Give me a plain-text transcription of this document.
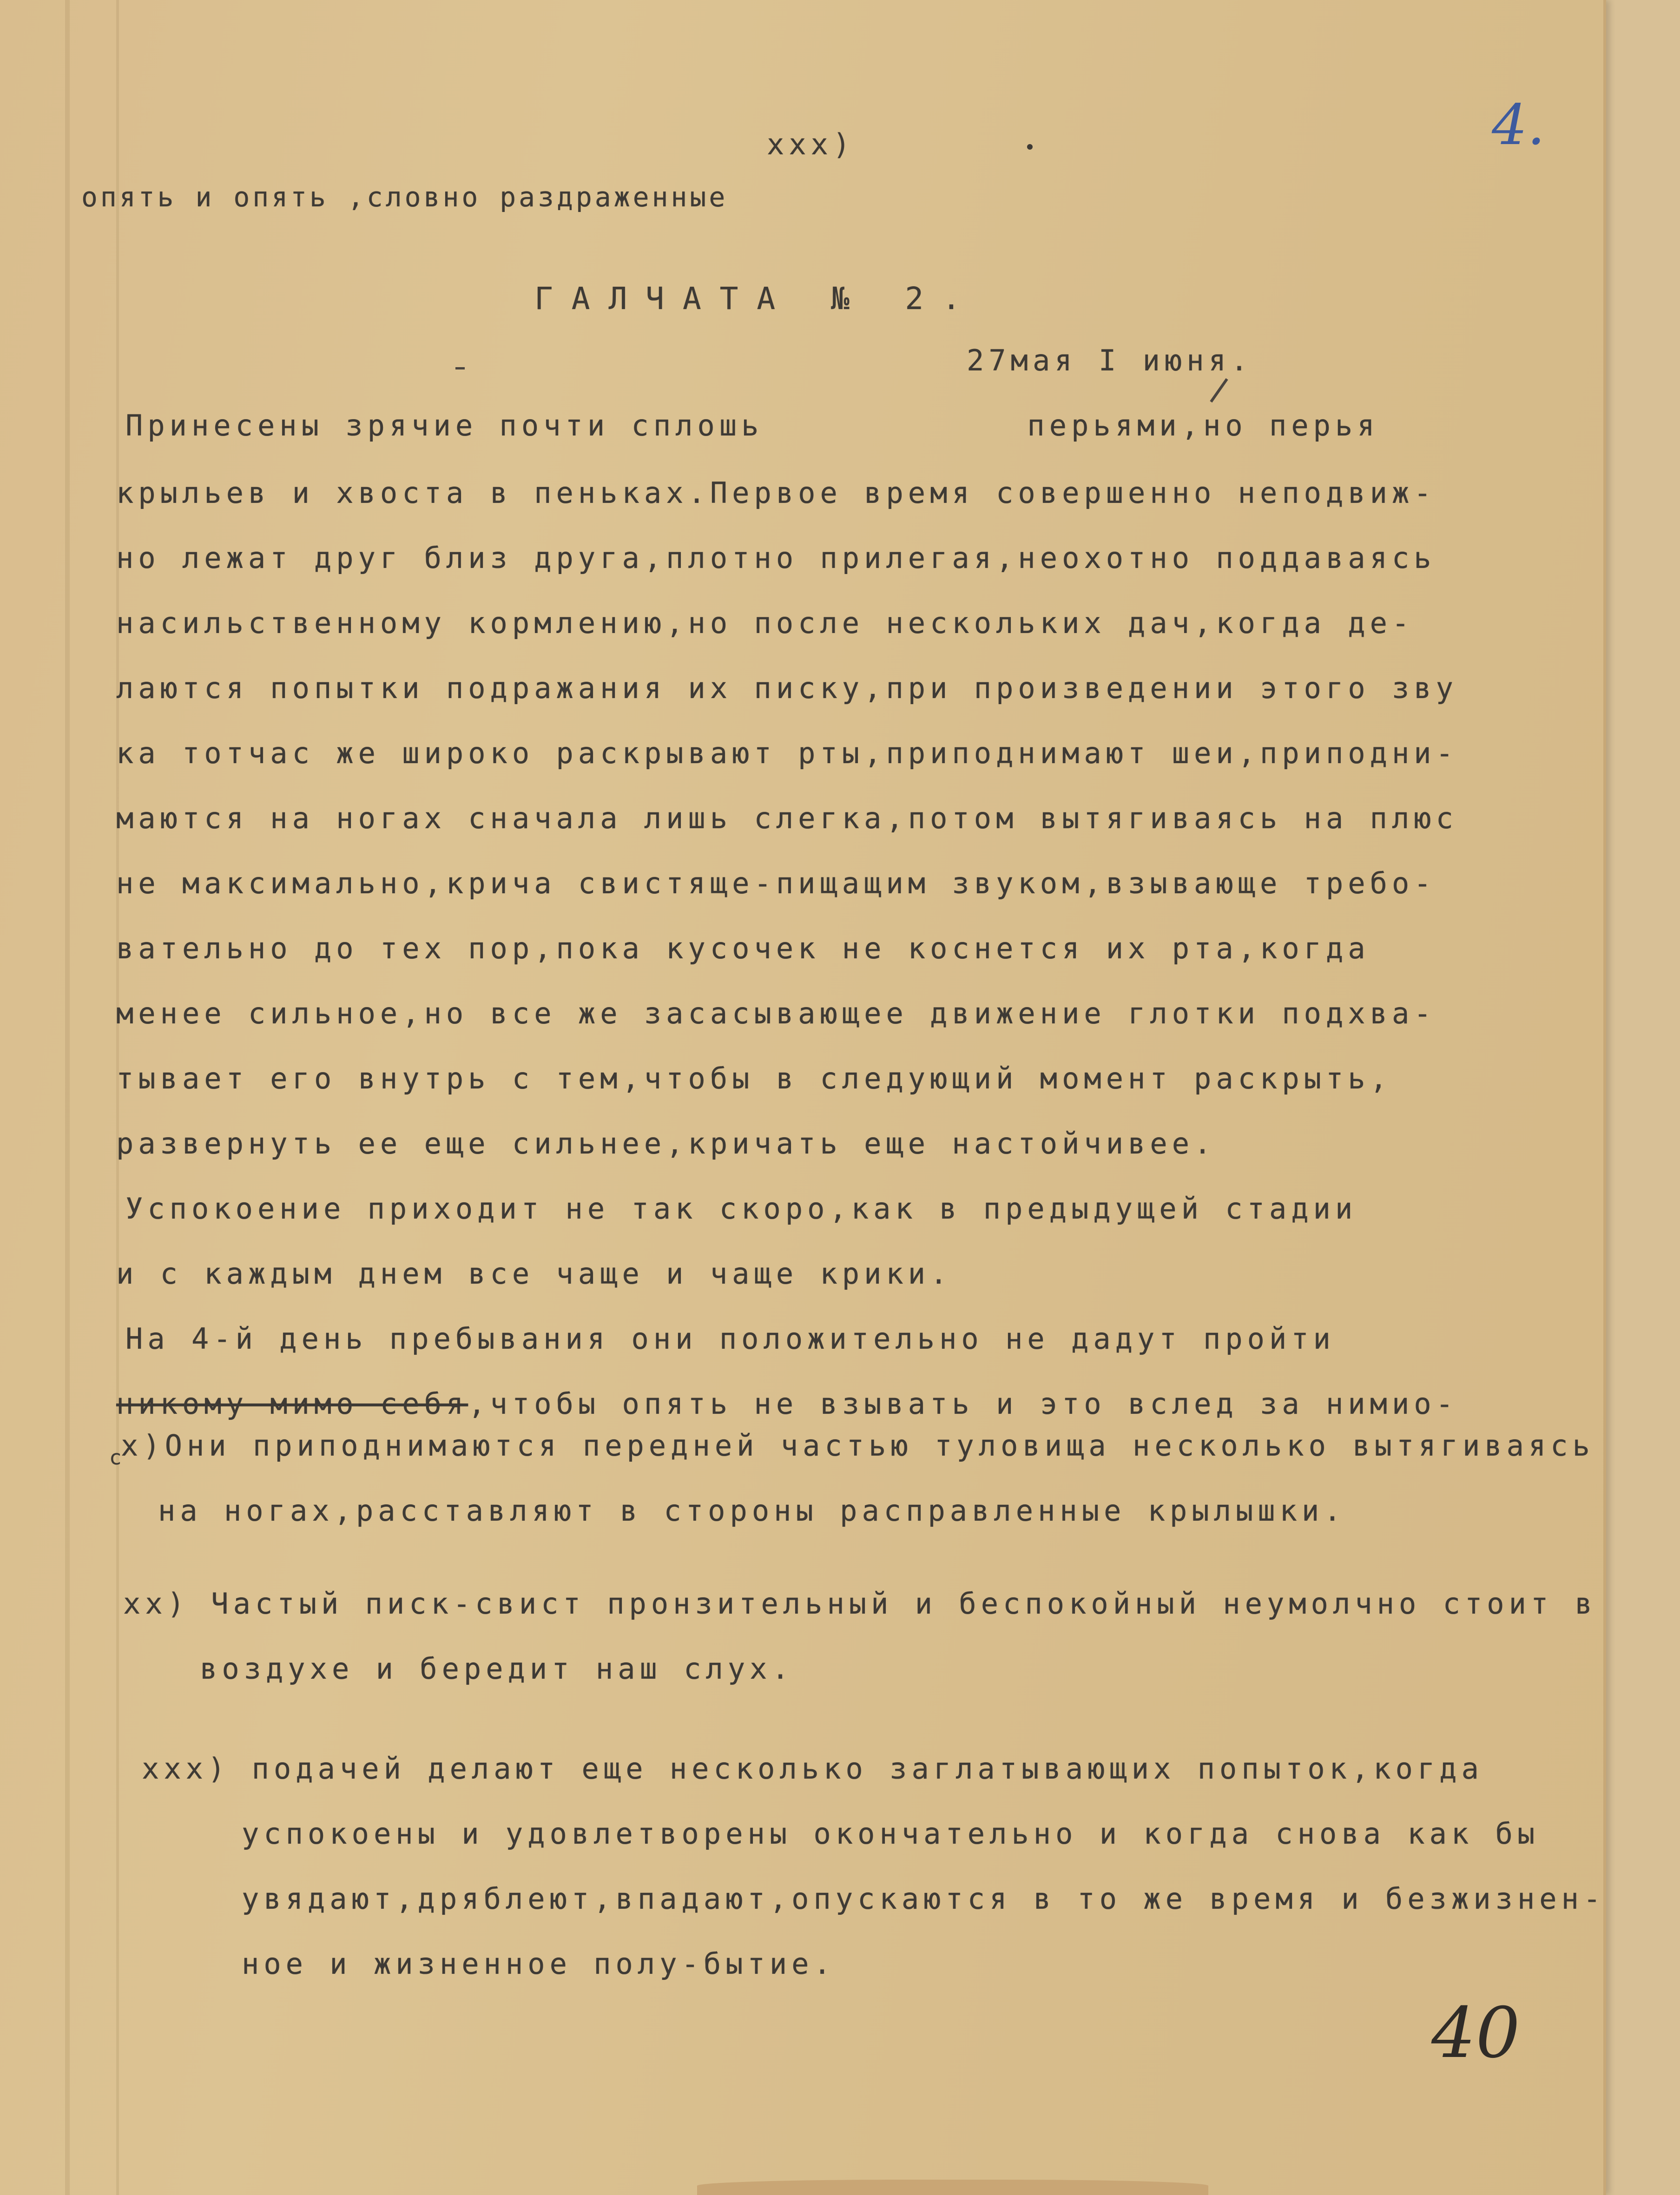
xxx)
опять и опять ,словно раздраженные
4.
ГАЛЧАТА № 2.
27мая I июня.
Принесены зрячие почти сплошь            перьями,но перья
крыльев и хвоста в пеньках.Первое время совершенно неподвиж-
но лежат друг близ друга,плотно прилегая,неохотно поддаваясь
насильственному кормлению,но после нескольких дач,когда де-
лаются попытки подражания их писку,при произведении этого зву
ка тотчас же широко раскрывают рты,приподнимают шеи,приподни-
маются на ногах сначала лишь слегка,потом вытягиваясь на плюс
не максимально,крича свистяще-пищащим звуком,взывающе требо-
вательно до тех пор,пока кусочек не коснется их рта,когда
менее сильное,но все же засасывающее движение глотки подхва-
тывает его внутрь с тем,чтобы в следующий момент раскрыть,
развернуть ее еще сильнее,кричать еще настойчивее.
Успокоение приходит не так скоро,как в предыдущей стадии
и с каждым днем все чаще и чаще крики.
На 4-й день пребывания они положительно не дадут пройти
никому мимо себя,чтобы опять не взывать и это вслед за нимио-
с
х)Они приподнимаются передней частью туловища несколько вытягиваясь
на ногах,расставляют в стороны расправленные крылышки.
хх) Частый писк-свист пронзительный и беспокойный неумолчно стоит в
воздухе и бередит наш слух.
ххх) подачей делают еще несколько заглатывающих попыток,когда
успокоены и удовлетворены окончательно и когда снова как бы
увядают,дряблеют,впадают,опускаются в то же время и безжизнен-
ное и жизненное полу-бытие.
40
